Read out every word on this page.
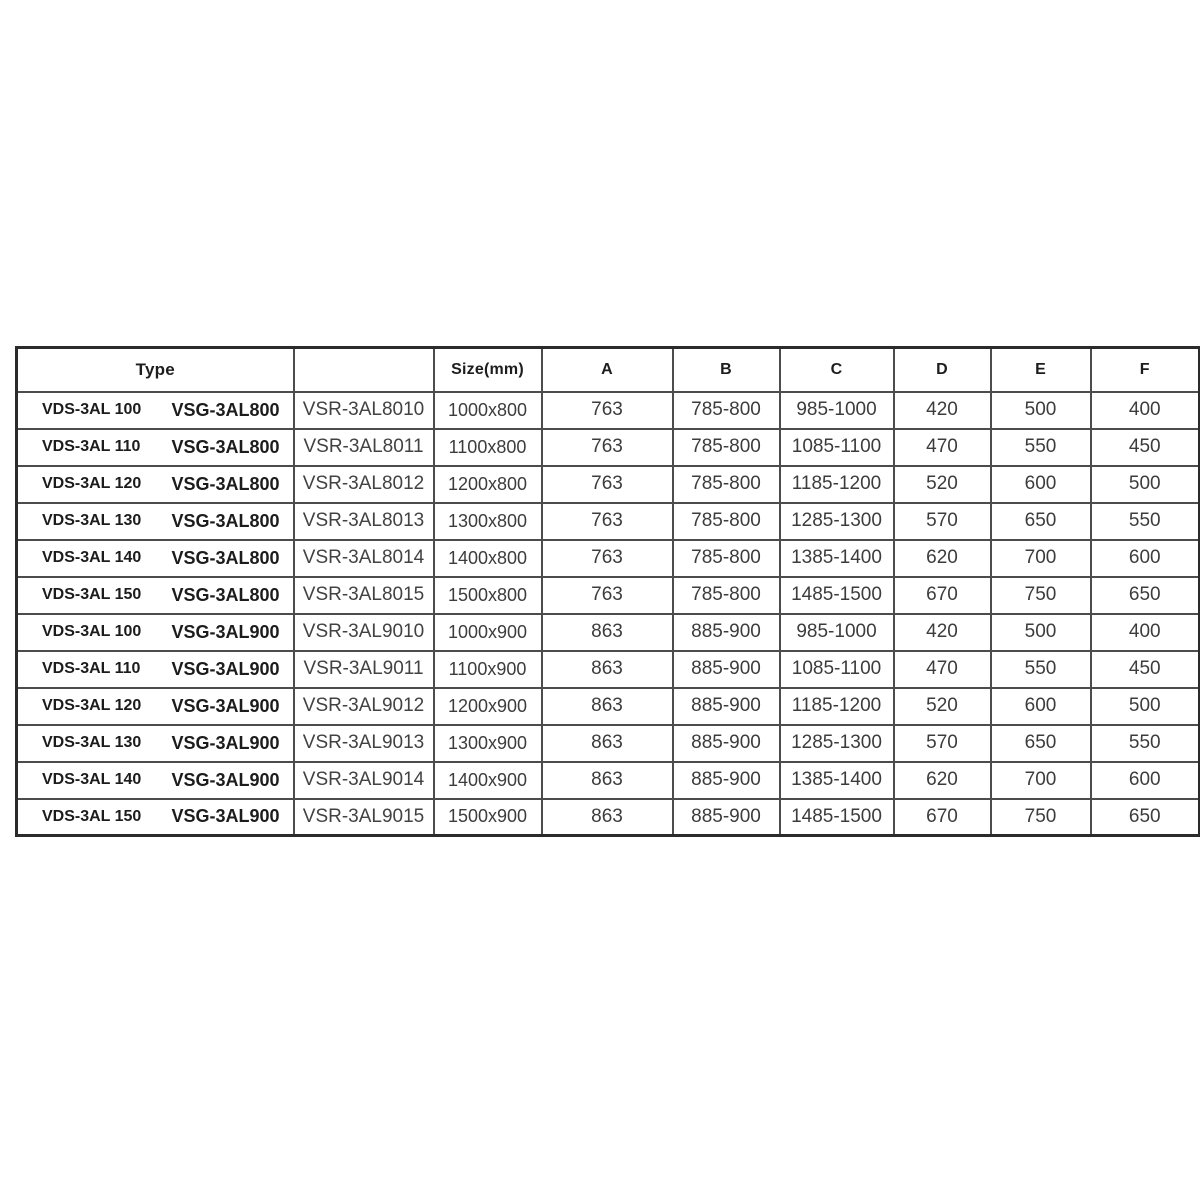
Type		Size(mm)	A	B	C	D	E	F

VDS-3AL 100 VSG-3AL800	VSR-3AL8010	1000x800	763	785-800	985-1000	420	500	400

VDS-3AL 110 VSG-3AL800	VSR-3AL8011	1100x800	763	785-800	1085-1100	470	550	450

VDS-3AL 120 VSG-3AL800	VSR-3AL8012	1200x800	763	785-800	1185-1200	520	600	500

VDS-3AL 130 VSG-3AL800	VSR-3AL8013	1300x800	763	785-800	1285-1300	570	650	550

VDS-3AL 140 VSG-3AL800	VSR-3AL8014	1400x800	763	785-800	1385-1400	620	700	600

VDS-3AL 150 VSG-3AL800	VSR-3AL8015	1500x800	763	785-800	1485-1500	670	750	650

VDS-3AL 100 VSG-3AL900	VSR-3AL9010	1000x900	863	885-900	985-1000	420	500	400

VDS-3AL 110 VSG-3AL900	VSR-3AL9011	1100x900	863	885-900	1085-1100	470	550	450

VDS-3AL 120 VSG-3AL900	VSR-3AL9012	1200x900	863	885-900	1185-1200	520	600	500

VDS-3AL 130 VSG-3AL900	VSR-3AL9013	1300x900	863	885-900	1285-1300	570	650	550

VDS-3AL 140 VSG-3AL900	VSR-3AL9014	1400x900	863	885-900	1385-1400	620	700	600

VDS-3AL 150 VSG-3AL900	VSR-3AL9015	1500x900	863	885-900	1485-1500	670	750	650
